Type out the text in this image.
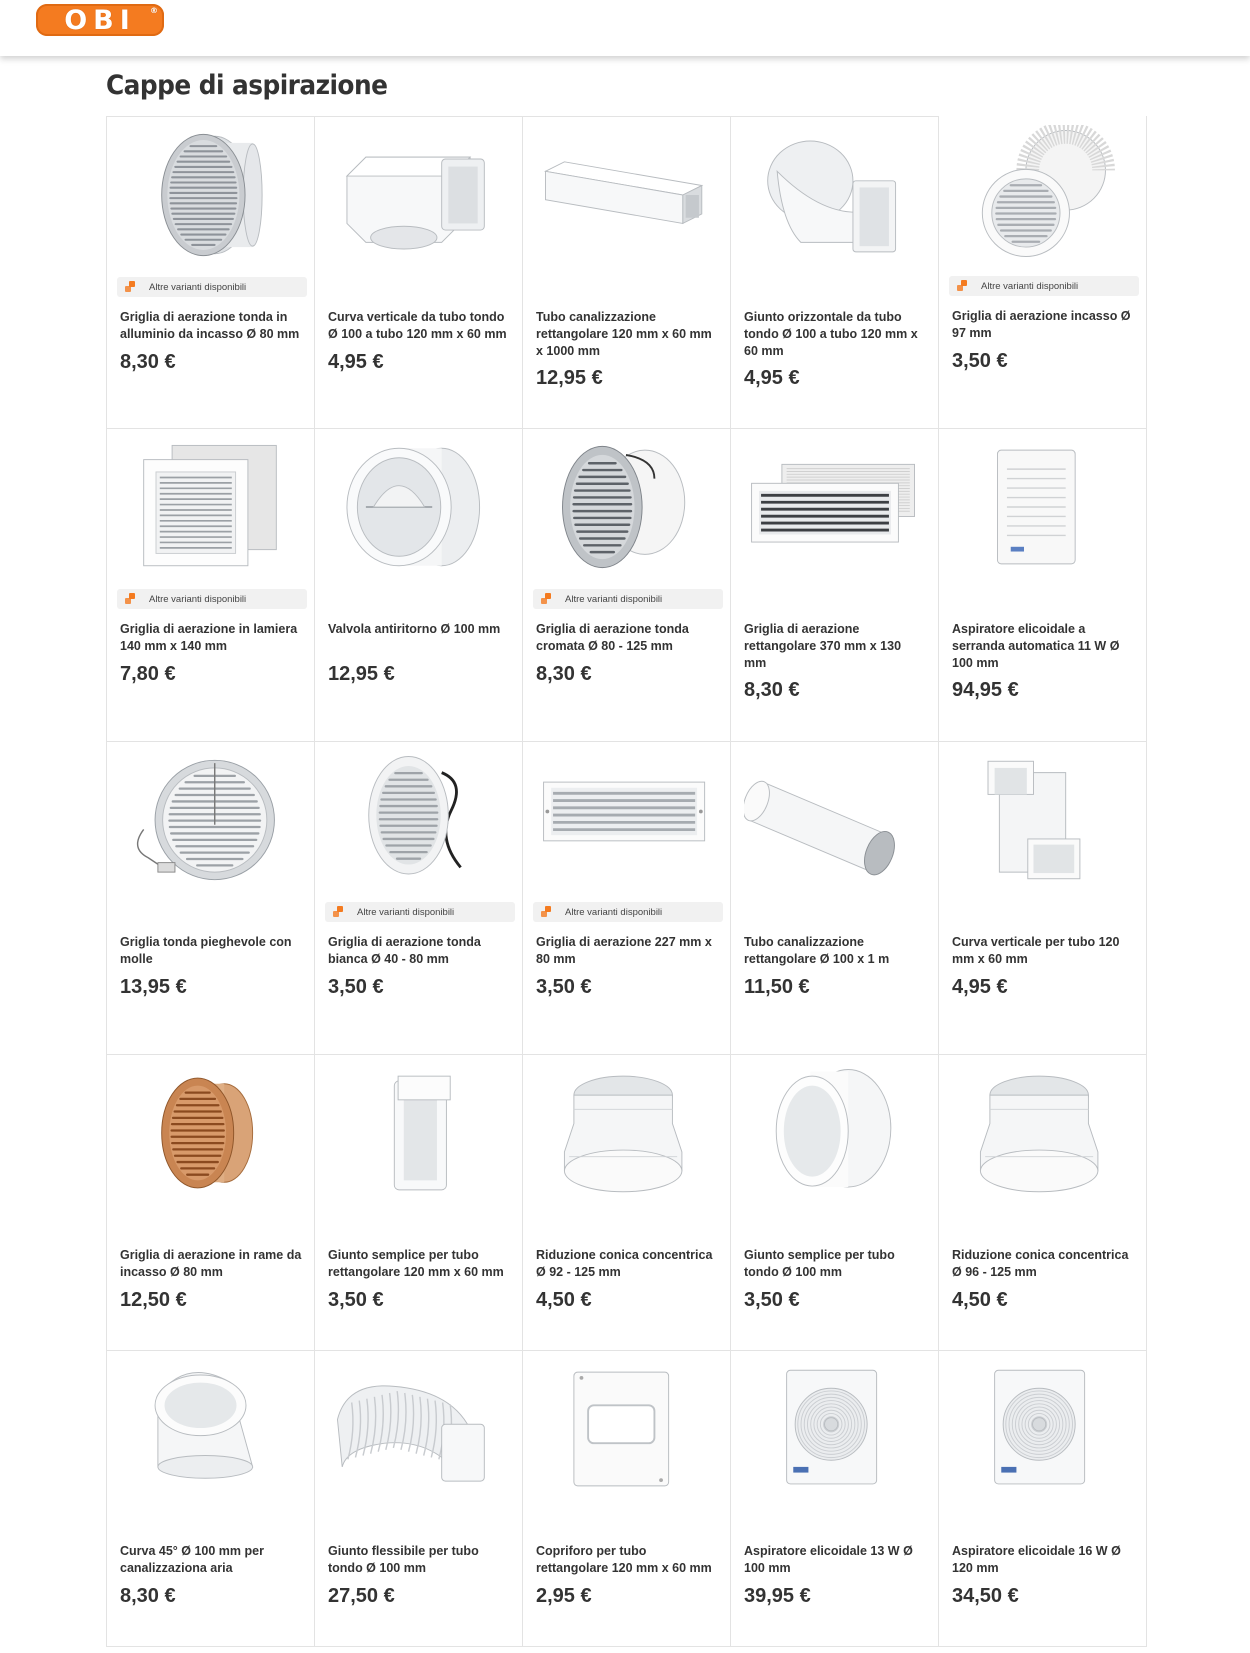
OBI ®
Cappe di aspirazione
Altre varianti disponibili
Griglia di aerazione tonda in alluminio da incasso Ø 80 mm
8,30 €
Curva verticale da tubo tondo Ø 100 a tubo 120 mm x 60 mm
4,95 €
Tubo canalizzazione rettangolare 120 mm x 60 mm x 1000 mm
12,95 €
Giunto orizzontale da tubo tondo Ø 100 a tubo 120 mm x 60 mm
4,95 €
Altre varianti disponibili
Griglia di aerazione incasso Ø 97 mm
3,50 €
Altre varianti disponibili
Griglia di aerazione in lamiera 140 mm x 140 mm
7,80 €
Valvola antiritorno Ø 100 mm
12,95 €
Altre varianti disponibili
Griglia di aerazione tonda cromata Ø 80 - 125 mm
8,30 €
Griglia di aerazione rettangolare 370 mm x 130 mm
8,30 €
Aspiratore elicoidale a serranda automatica 11 W Ø 100 mm
94,95 €
Griglia tonda pieghevole con molle
13,95 €
Altre varianti disponibili
Griglia di aerazione tonda bianca Ø 40 - 80 mm
3,50 €
Altre varianti disponibili
Griglia di aerazione 227 mm x 80 mm
3,50 €
Tubo canalizzazione rettangolare Ø 100 x 1 m
11,50 €
Curva verticale per tubo 120 mm x 60 mm
4,95 €
Griglia di aerazione in rame da incasso Ø 80 mm
12,50 €
Giunto semplice per tubo rettangolare 120 mm x 60 mm
3,50 €
Riduzione conica concentrica Ø 92 - 125 mm
4,50 €
Giunto semplice per tubo tondo Ø 100 mm
3,50 €
Riduzione conica concentrica Ø 96 - 125 mm
4,50 €
Curva 45° Ø 100 mm per canalizzaziona aria
8,30 €
Giunto flessibile per tubo tondo Ø 100 mm
27,50 €
Copriforo per tubo rettangolare 120 mm x 60 mm
2,95 €
Aspiratore elicoidale 13 W Ø 100 mm
39,95 €
Aspiratore elicoidale 16 W Ø 120 mm
34,50 €
